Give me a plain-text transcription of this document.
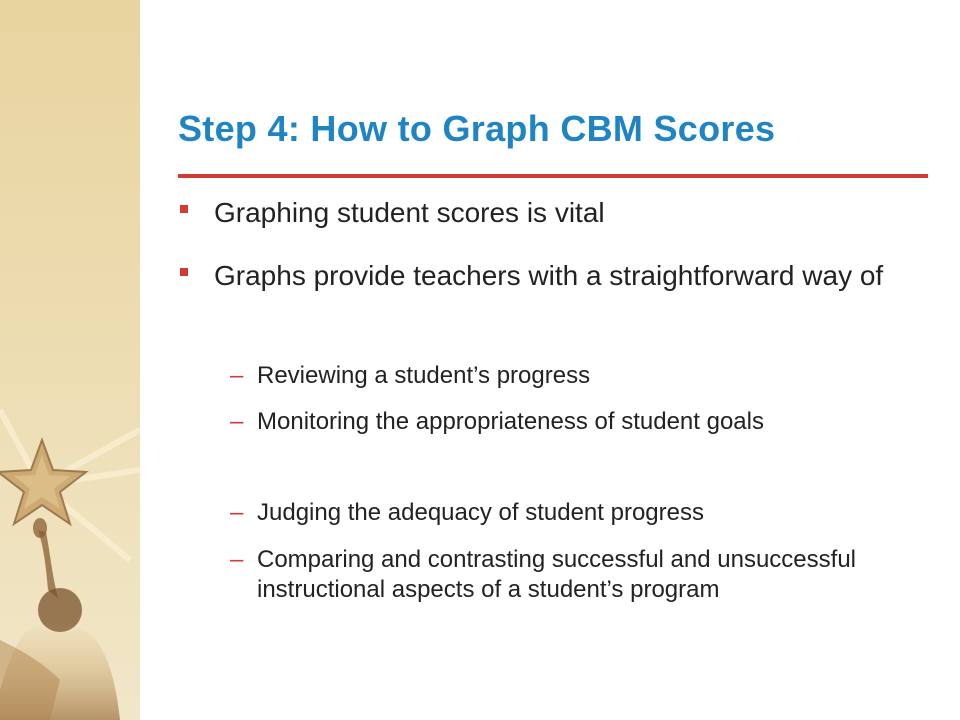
Step 4: How to Graph CBM Scores
Graphing student scores is vital
Graphs provide teachers with a straightforward way of
– Reviewing a student’s progress
– Monitoring the appropriateness of student goals
– Judging the adequacy of student progress
– Comparing and contrasting successful and unsuccessful instructional aspects of a student’s program
